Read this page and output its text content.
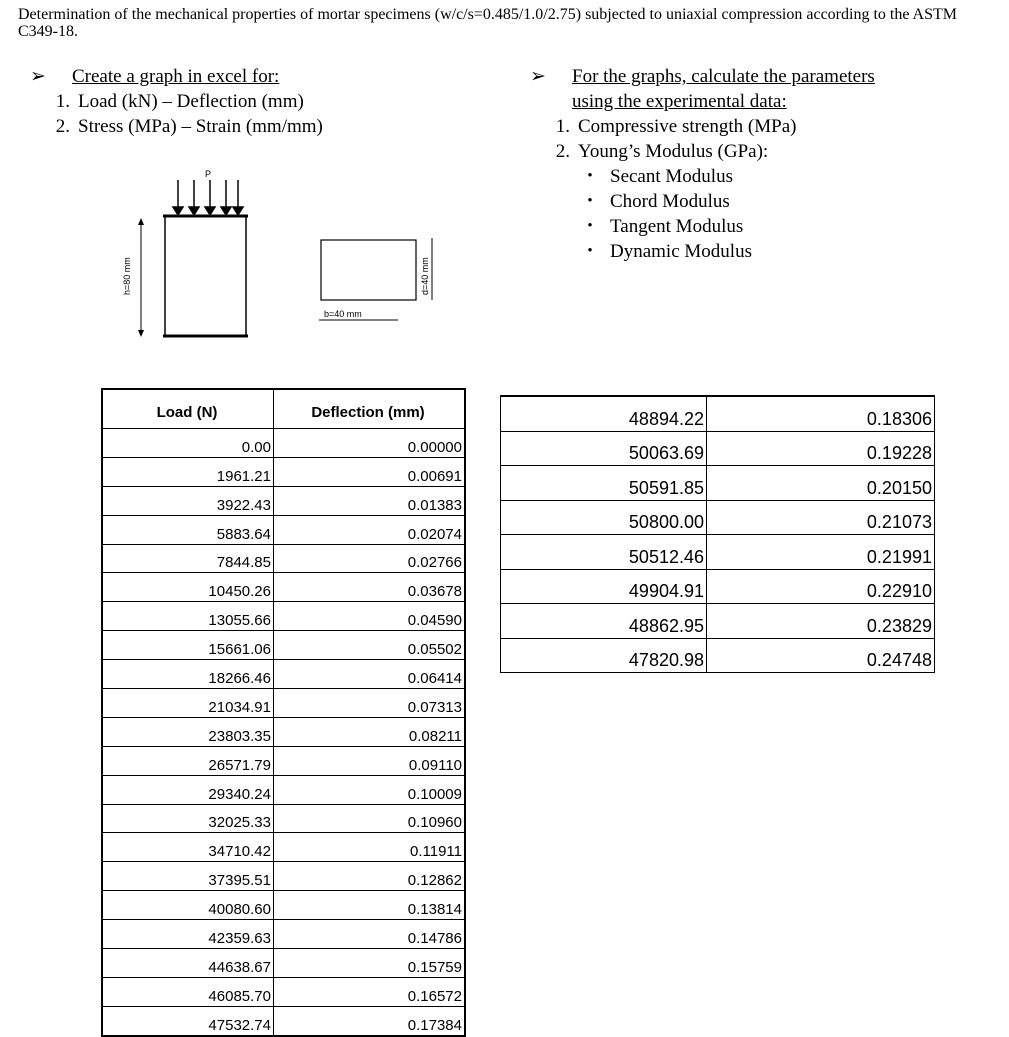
Determination of the mechanical properties of mortar specimens (w/c/s=0.485/1.0/2.75) subjected to uniaxial compression according to the ASTM C349-18.
➢	Create a graph in excel for:
1. Load (kN) – Deflection (mm)
2. Stress (MPa) – Strain (mm/mm)
➢	For the graphs, calculate the parameters
using the experimental data:
1. Compressive strength (MPa)
2. Young’s Modulus (GPa):
• Secant Modulus
• Chord Modulus
• Tangent Modulus
• Dynamic Modulus
P
h=80 mm
b=40 mm
d=40 mm
Load (N)	Deflection (mm)
0.00	0.00000
1961.21	0.00691
3922.43	0.01383
5883.64	0.02074
7844.85	0.02766
10450.26	0.03678
13055.66	0.04590
15661.06	0.05502
18266.46	0.06414
21034.91	0.07313
23803.35	0.08211
26571.79	0.09110
29340.24	0.10009
32025.33	0.10960
34710.42	0.11911
37395.51	0.12862
40080.60	0.13814
42359.63	0.14786
44638.67	0.15759
46085.70	0.16572
47532.74	0.17384
48894.22	0.18306
50063.69	0.19228
50591.85	0.20150
50800.00	0.21073
50512.46	0.21991
49904.91	0.22910
48862.95	0.23829
47820.98	0.24748
